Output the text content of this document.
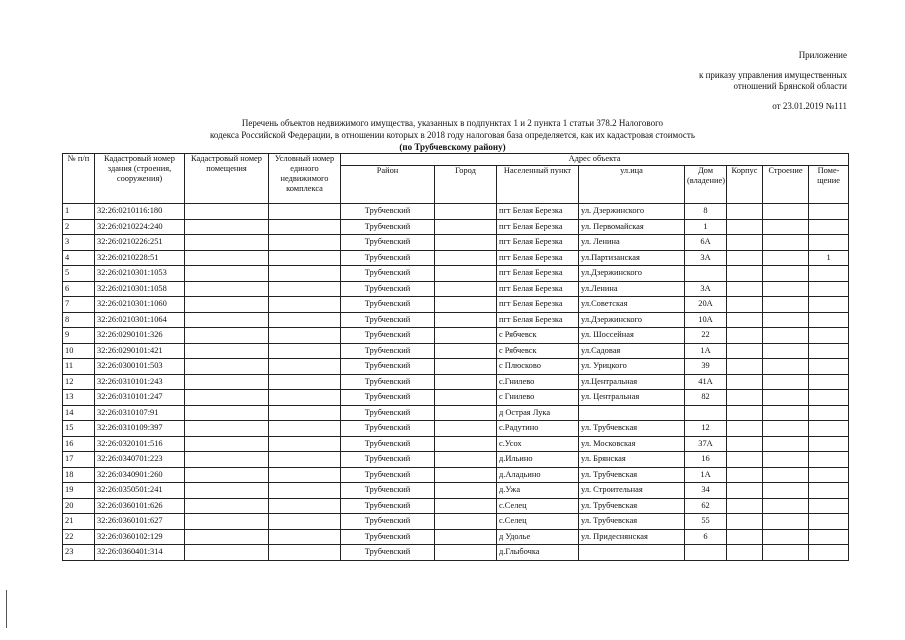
Приложение
к приказу управления имущественных
отношений Брянской области
от 23.01.2019 №111
Перечень объектов недвижимого имущества, указанных в подпунктах 1 и 2 пункта 1 статьи 378.2 Налогового
кодекса Российской Федерации, в отношении которых в 2018 году налоговая база определяется, как их кадастровая стоимость
(по Трубчевскому району)
№ п/п	Кадастровый номер здания (строения, сооружения)	Кадастровый номер помещения	Условный номер единого недвижимого комплекса	Адрес объекта							
				Район	Город	Населенный пункт	ул.ица	Дом (владение)	Корпус	Строение	Поме-щение
1	32:26:0210116:180			Трубчевский		пгт Белая Березка	ул. Дзержинского	8			
2	32:26:0210224:240			Трубчевский		пгт Белая Березка	ул. Первомайская	1			
3	32:26:0210226:251			Трубчевский		пгт Белая Березка	ул. Ленина	6А			
4	32:26:0210228:51			Трубчевский		пгт Белая Березка	ул.Партизанская	3А			1
5	32:26:0210301:1053			Трубчевский		пгт Белая Березка	ул.Дзержинского				
6	32:26:0210301:1058			Трубчевский		пгт Белая Березка	ул.Ленина	3А			
7	32:26:0210301:1060			Трубчевский		пгт Белая Березка	ул.Советская	20А			
8	32:26:0210301:1064			Трубчевский		пгт Белая Березка	ул.Дзержинского	10А			
9	32:26:0290101:326			Трубчевский		с Рябчевск	ул. Шоссейная	22			
10	32:26:0290101:421			Трубчевский		с Рябчевск	ул.Садовая	1А			
11	32:26:0300101:503			Трубчевский		с Плюсково	ул. Урицкого	39			
12	32:26:0310101:243			Трубчевский		с.Гнилево	ул.Центральная	41А			
13	32:26:0310101:247			Трубчевский		с Гнилево	ул. Центральная	82			
14	32:26:0310107:91			Трубчевский		д Острая Лука					
15	32:26:0310109:397			Трубчевский		с.Радутино	ул. Трубчевская	12			
16	32:26:0320101:516			Трубчевский		с.Усох	ул. Московская	37А			
17	32:26:0340701:223			Трубчевский		д.Ильино	ул. Брянская	16			
18	32:26:0340901:260			Трубчевский		д.Аладьино	ул. Трубчевская	1А			
19	32:26:0350501:241			Трубчевский		д.Ужа	ул. Строительная	34			
20	32:26:0360101:626			Трубчевский		с.Селец	ул. Трубчевская	62			
21	32:26:0360101:627			Трубчевский		с.Селец	ул. Трубчевская	55			
22	32:26:0360102:129			Трубчевский		д Удолье	ул. Придеснянская	6			
23	32:26:0360401:314			Трубчевский		д.Глыбочка					
